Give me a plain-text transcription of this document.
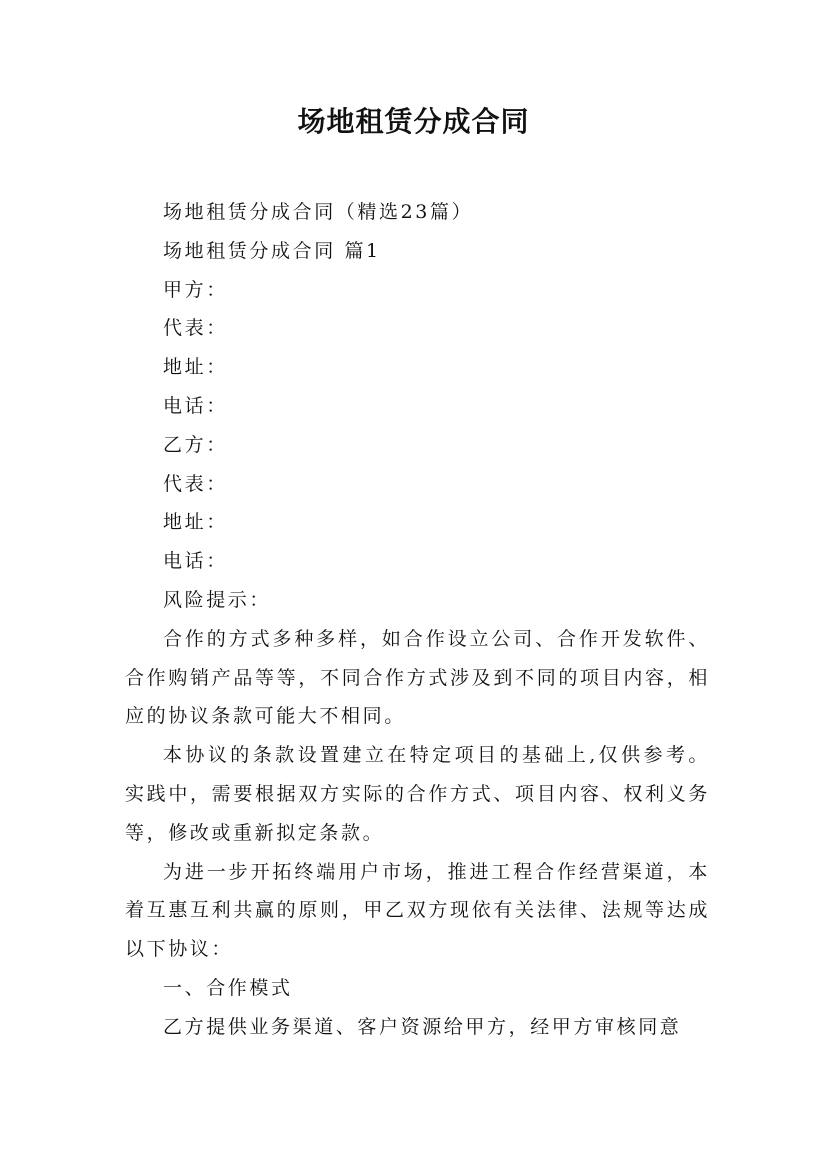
场地租赁分成合同

场地租赁分成合同（精选23篇）

场地租赁分成合同 篇1

甲方：

代表：

地址：

电话：

乙方：

代表：

地址：

电话：

风险提示：

合作的方式多种多样，如合作设立公司、合作开发软件、合作购销产品等等，不同合作方式涉及到不同的项目内容，相应的协议条款可能大不相同。

本协议的条款设置建立在特定项目的基础上,仅供参考。实践中，需要根据双方实际的合作方式、项目内容、权利义务等，修改或重新拟定条款。

为进一步开拓终端用户市场，推进工程合作经营渠道，本着互惠互利共赢的原则，甲乙双方现依有关法律、法规等达成以下协议：

一、合作模式

乙方提供业务渠道、客户资源给甲方，经甲方审核同意
